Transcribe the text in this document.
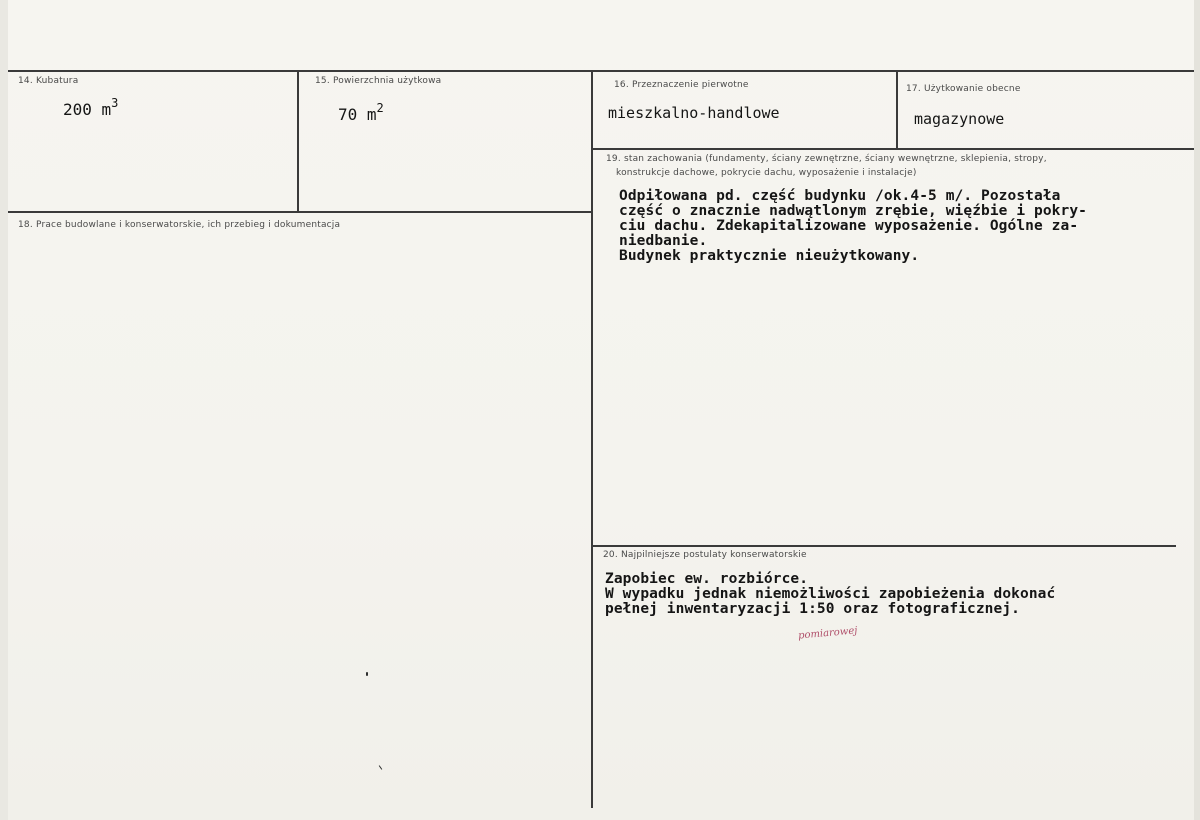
14. Kubatura
200 $m^3$
15. Powierzchnia użytkowa
70 $m^2$
16. Przeznaczenie pierwotne
mieszkalno-handlowe
17. Użytkowanie obecne
magazynowe
18. Prace budowlane i konserwatorskie, ich przebieg i dokumentacja
19. stan zachowania (fundamenty, ściany zewnętrzne, ściany wewnętrzne, sklepienia, stropy,
konstrukcje dachowe, pokrycie dachu, wyposażenie i instalacje)
Odpiłowana pd. część budynku /ok.4-5 m/. Pozostała
część o znacznie nadwątlonym zrębie, więźbie i pokry-
ciu dachu. Zdekapitalizowane wyposażenie. Ogólne za-
niedbanie.
Budynek praktycznie nieużytkowany.
20. Najpilniejsze postulaty konserwatorskie
Zapobiec ew. rozbiórce.
W wypadku jednak niemożliwości zapobieżenia dokonać
pełnej inwentaryzacji 1:50 oraz fotograficznej.
pomiarowej
